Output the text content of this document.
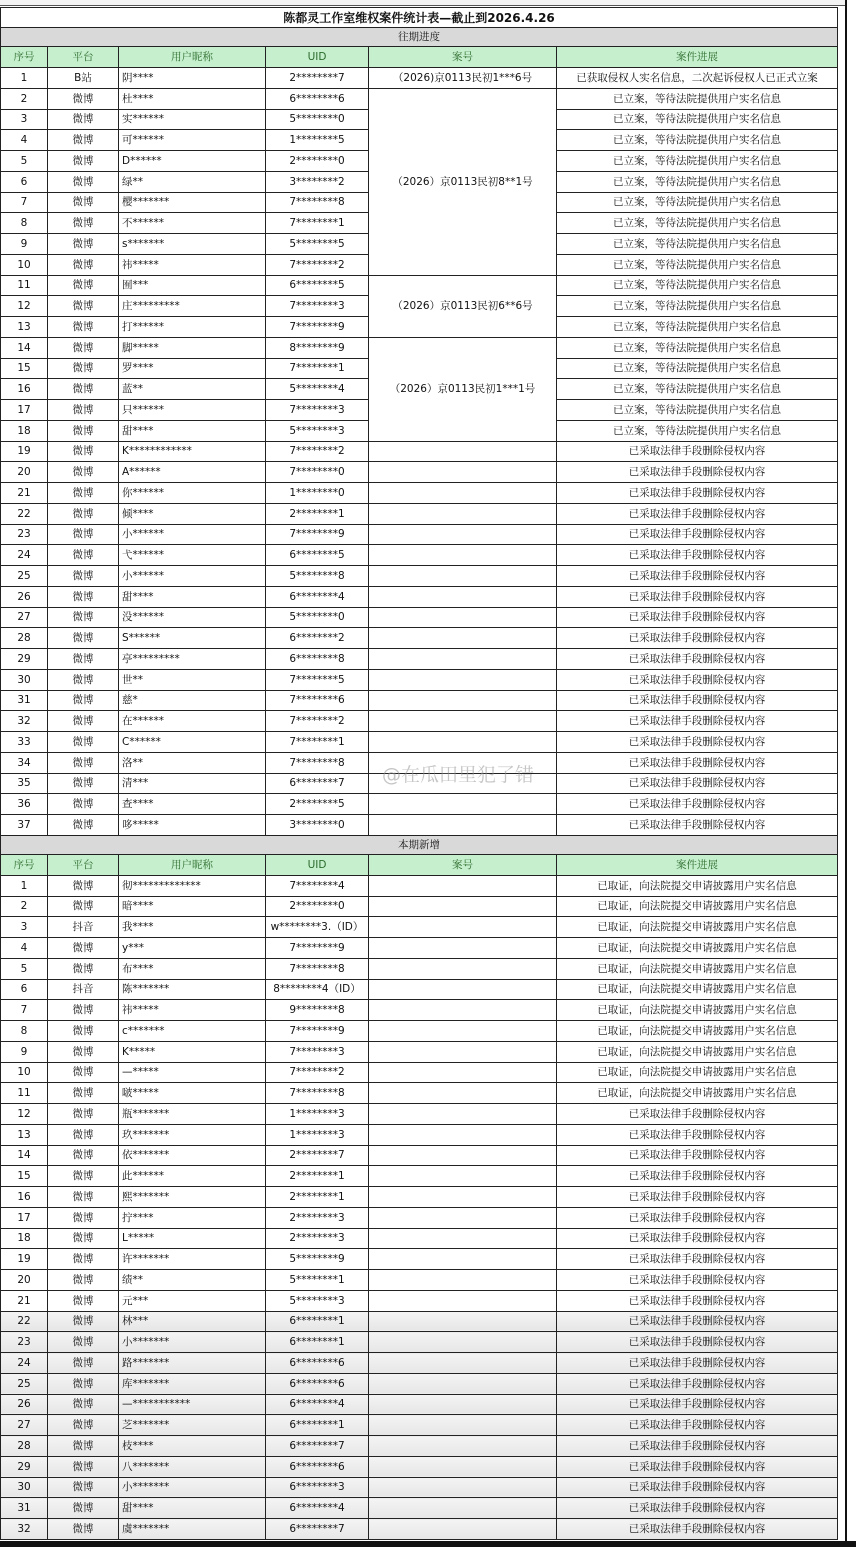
陈都灵工作室维权案件统计表—截止到2026.4.26					
往期进度					
序号	平台	用户昵称	UID	案号	案件进展
1	B站	阴****	2********7	（2026)京0113民初1***6号	已获取侵权人实名信息，二次起诉侵权人已正式立案
2	微博	杜****	6********6	（2026）京0113民初8**1号	已立案，等待法院提供用户实名信息
3	微博	实******	5********0		已立案，等待法院提供用户实名信息
4	微博	可******	1********5		已立案，等待法院提供用户实名信息
5	微博	D******	2********0		已立案，等待法院提供用户实名信息
6	微博	绿**	3********2		已立案，等待法院提供用户实名信息
7	微博	樱*******	7********8		已立案，等待法院提供用户实名信息
8	微博	不******	7********1		已立案，等待法院提供用户实名信息
9	微博	s*******	5********5		已立案，等待法院提供用户实名信息
10	微博	祎*****	7********2		已立案，等待法院提供用户实名信息
11	微博	囿***	6********5	（2026）京0113民初6**6号	已立案，等待法院提供用户实名信息
12	微博	庄*********	7********3		已立案，等待法院提供用户实名信息
13	微博	打******	7********9		已立案，等待法院提供用户实名信息
14	微博	脚*****	8********9	（2026）京0113民初1***1号	已立案，等待法院提供用户实名信息
15	微博	罗****	7********1		已立案，等待法院提供用户实名信息
16	微博	蓝**	5********4		已立案，等待法院提供用户实名信息
17	微博	只******	7********3		已立案，等待法院提供用户实名信息
18	微博	甜****	5********3		已立案，等待法院提供用户实名信息
19	微博	K************	7********2		已采取法律手段删除侵权内容
20	微博	A******	7********0		已采取法律手段删除侵权内容
21	微博	你******	1********0		已采取法律手段删除侵权内容
22	微博	倾****	2********1		已采取法律手段删除侵权内容
23	微博	小******	7********9		已采取法律手段删除侵权内容
24	微博	弋******	6********5		已采取法律手段删除侵权内容
25	微博	小******	5********8		已采取法律手段删除侵权内容
26	微博	甜****	6********4		已采取法律手段删除侵权内容
27	微博	没******	5********0		已采取法律手段删除侵权内容
28	微博	S******	6********2		已采取法律手段删除侵权内容
29	微博	亭*********	6********8		已采取法律手段删除侵权内容
30	微博	世**	7********5		已采取法律手段删除侵权内容
31	微博	慈*	7********6		已采取法律手段删除侵权内容
32	微博	在******	7********2		已采取法律手段删除侵权内容
33	微博	C******	7********1		已采取法律手段删除侵权内容
34	微博	洛**	7********8		已采取法律手段删除侵权内容
35	微博	清***	6********7		已采取法律手段删除侵权内容
36	微博	查****	2********5		已采取法律手段删除侵权内容
37	微博	哆*****	3********0		已采取法律手段删除侵权内容
本期新增					
序号	平台	用户昵称	UID	案号	案件进展
1	微博	彻*************	7********4		已取证，向法院提交申请披露用户实名信息
2	微博	暗****	2********0		已取证，向法院提交申请披露用户实名信息
3	抖音	我****	w********3.（ID）		已取证，向法院提交申请披露用户实名信息
4	微博	y***	7********9		已取证，向法院提交申请披露用户实名信息
5	微博	布****	7********8		已取证，向法院提交申请披露用户实名信息
6	抖音	陈*******	8********4（ID）		已取证，向法院提交申请披露用户实名信息
7	微博	祎*****	9********8		已取证，向法院提交申请披露用户实名信息
8	微博	c*******	7********9		已取证，向法院提交申请披露用户实名信息
9	微博	K*****	7********3		已取证，向法院提交申请披露用户实名信息
10	微博	—*****	7********2		已取证，向法院提交申请披露用户实名信息
11	微博	啵*****	7********8		已取证，向法院提交申请披露用户实名信息
12	微博	瓶*******	1********3		已采取法律手段删除侵权内容
13	微博	玖*******	1********3		已采取法律手段删除侵权内容
14	微博	依*******	2********7		已采取法律手段删除侵权内容
15	微博	此******	2********1		已采取法律手段删除侵权内容
16	微博	熙*******	2********1		已采取法律手段删除侵权内容
17	微博	拧****	2********3		已采取法律手段删除侵权内容
18	微博	L*****	2********3		已采取法律手段删除侵权内容
19	微博	许*******	5********9		已采取法律手段删除侵权内容
20	微博	绩**	5********1		已采取法律手段删除侵权内容
21	微博	元***	5********3		已采取法律手段删除侵权内容
22	微博	林***	6********1		已采取法律手段删除侵权内容
23	微博	小*******	6********1		已采取法律手段删除侵权内容
24	微博	路*******	6********6		已采取法律手段删除侵权内容
25	微博	库*******	6********6		已采取法律手段删除侵权内容
26	微博	—***********	6********4		已采取法律手段删除侵权内容
27	微博	芝*******	6********1		已采取法律手段删除侵权内容
28	微博	枝****	6********7		已采取法律手段删除侵权内容
29	微博	八*******	6********6		已采取法律手段删除侵权内容
30	微博	小*******	6********3		已采取法律手段删除侵权内容
31	微博	甜****	6********4		已采取法律手段删除侵权内容
32	微博	虞*******	6********7		已采取法律手段删除侵权内容
@在瓜田里犯了错
